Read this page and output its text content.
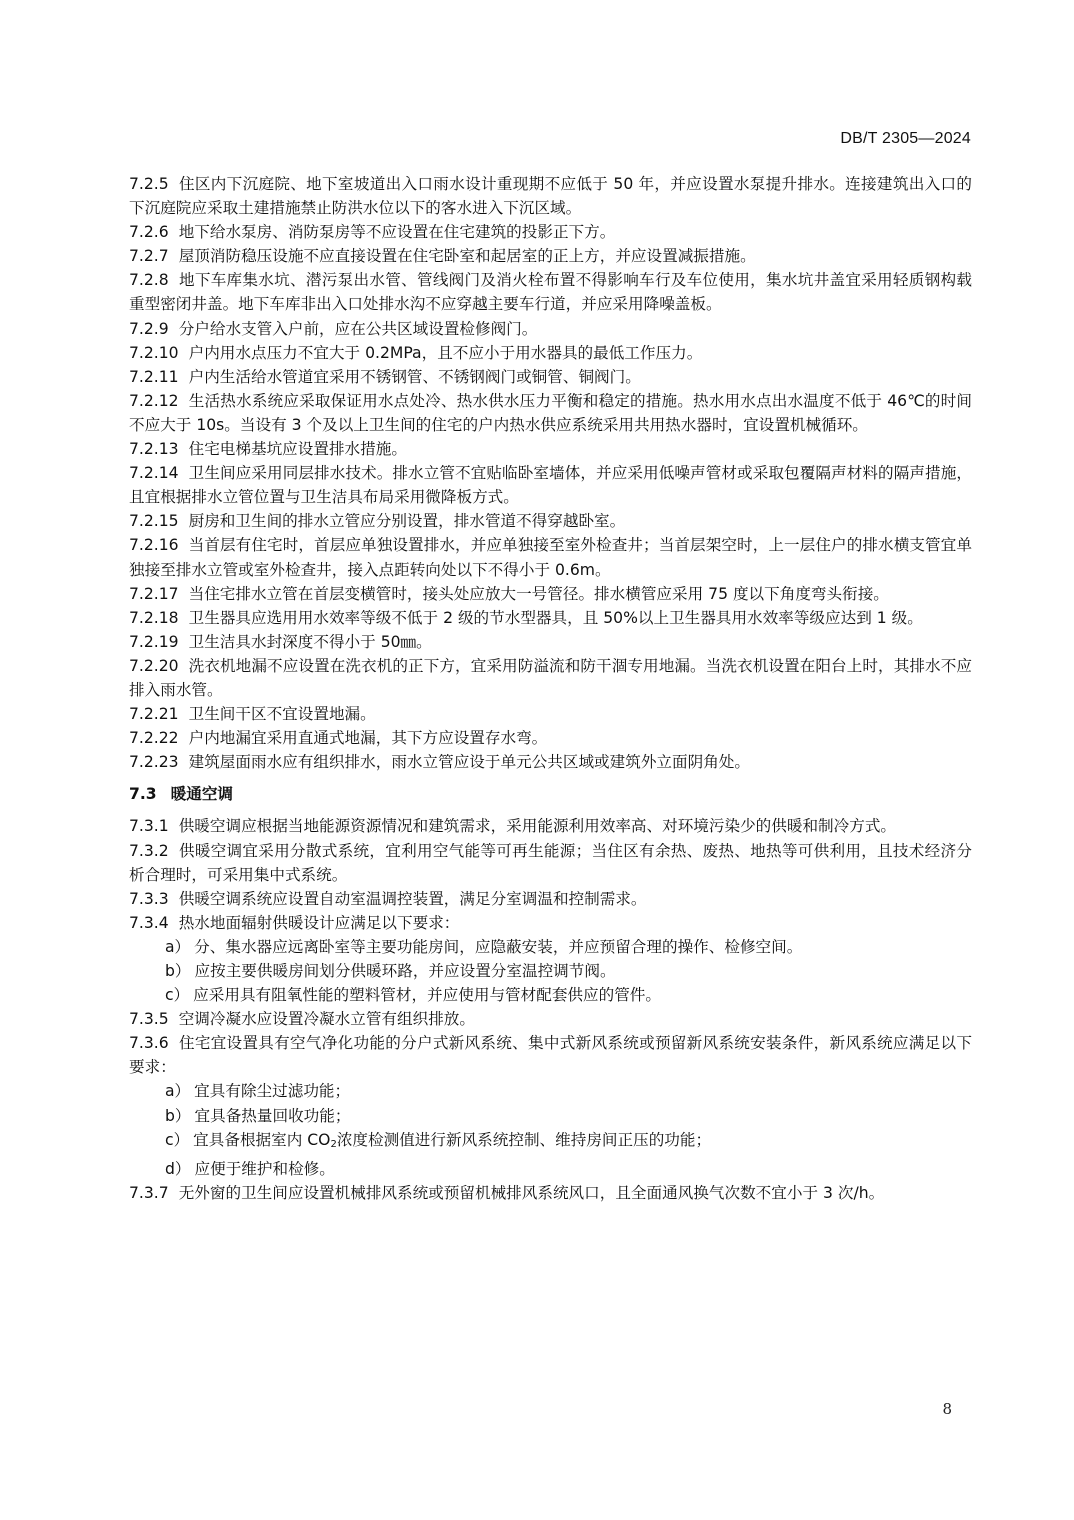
DB/T 2305—2024

7.2.5 住区内下沉庭院、地下室坡道出入口雨水设计重现期不应低于 50 年，并应设置水泵提升排水。连接建筑出入口的下沉庭院应采取土建措施禁止防洪水位以下的客水进入下沉区域。

7.2.6 地下给水泵房、消防泵房等不应设置在住宅建筑的投影正下方。

7.2.7 屋顶消防稳压设施不应直接设置在住宅卧室和起居室的正上方，并应设置减振措施。

7.2.8 地下车库集水坑、潜污泵出水管、管线阀门及消火栓布置不得影响车行及车位使用，集水坑井盖宜采用轻质钢构载重型密闭井盖。地下车库非出入口处排水沟不应穿越主要车行道，并应采用降噪盖板。

7.2.9 分户给水支管入户前，应在公共区域设置检修阀门。

7.2.10 户内用水点压力不宜大于 0.2MPa，且不应小于用水器具的最低工作压力。

7.2.11 户内生活给水管道宜采用不锈钢管、不锈钢阀门或铜管、铜阀门。

7.2.12 生活热水系统应采取保证用水点处冷、热水供水压力平衡和稳定的措施。热水用水点出水温度不低于 46℃的时间不应大于 10s。当设有 3 个及以上卫生间的住宅的户内热水供应系统采用共用热水器时，宜设置机械循环。

7.2.13 住宅电梯基坑应设置排水措施。

7.2.14 卫生间应采用同层排水技术。排水立管不宜贴临卧室墙体，并应采用低噪声管材或采取包覆隔声材料的隔声措施，且宜根据排水立管位置与卫生洁具布局采用微降板方式。

7.2.15 厨房和卫生间的排水立管应分别设置，排水管道不得穿越卧室。

7.2.16 当首层有住宅时，首层应单独设置排水，并应单独接至室外检查井；当首层架空时，上一层住户的排水横支管宜单独接至排水立管或室外检查井，接入点距转向处以下不得小于 0.6m。

7.2.17 当住宅排水立管在首层变横管时，接头处应放大一号管径。排水横管应采用 75 度以下角度弯头衔接。

7.2.18 卫生器具应选用用水效率等级不低于 2 级的节水型器具，且 50%以上卫生器具用水效率等级应达到 1 级。

7.2.19 卫生洁具水封深度不得小于 50㎜。

7.2.20 洗衣机地漏不应设置在洗衣机的正下方，宜采用防溢流和防干涸专用地漏。当洗衣机设置在阳台上时，其排水不应排入雨水管。

7.2.21 卫生间干区不宜设置地漏。

7.2.22 户内地漏宜采用直通式地漏，其下方应设置存水弯。

7.2.23 建筑屋面雨水应有组织排水，雨水立管应设于单元公共区域或建筑外立面阴角处。

7.3 暖通空调

7.3.1 供暖空调应根据当地能源资源情况和建筑需求，采用能源利用效率高、对环境污染少的供暖和制冷方式。

7.3.2 供暖空调宜采用分散式系统，宜利用空气能等可再生能源；当住区有余热、废热、地热等可供利用，且技术经济分析合理时，可采用集中式系统。

7.3.3 供暖空调系统应设置自动室温调控装置，满足分室调温和控制需求。

7.3.4 热水地面辐射供暖设计应满足以下要求：

a） 分、集水器应远离卧室等主要功能房间，应隐蔽安装，并应预留合理的操作、检修空间。

b） 应按主要供暖房间划分供暖环路，并应设置分室温控调节阀。

c） 应采用具有阻氧性能的塑料管材，并应使用与管材配套供应的管件。

7.3.5 空调冷凝水应设置冷凝水立管有组织排放。

7.3.6 住宅宜设置具有空气净化功能的分户式新风系统、集中式新风系统或预留新风系统安装条件，新风系统应满足以下要求：

a） 宜具有除尘过滤功能；

b） 宜具备热量回收功能；

c） 宜具备根据室内 $CO_2$浓度检测值进行新风系统控制、维持房间正压的功能；

d） 应便于维护和检修。

7.3.7 无外窗的卫生间应设置机械排风系统或预留机械排风系统风口，且全面通风换气次数不宜小于 3 次/h。

8
